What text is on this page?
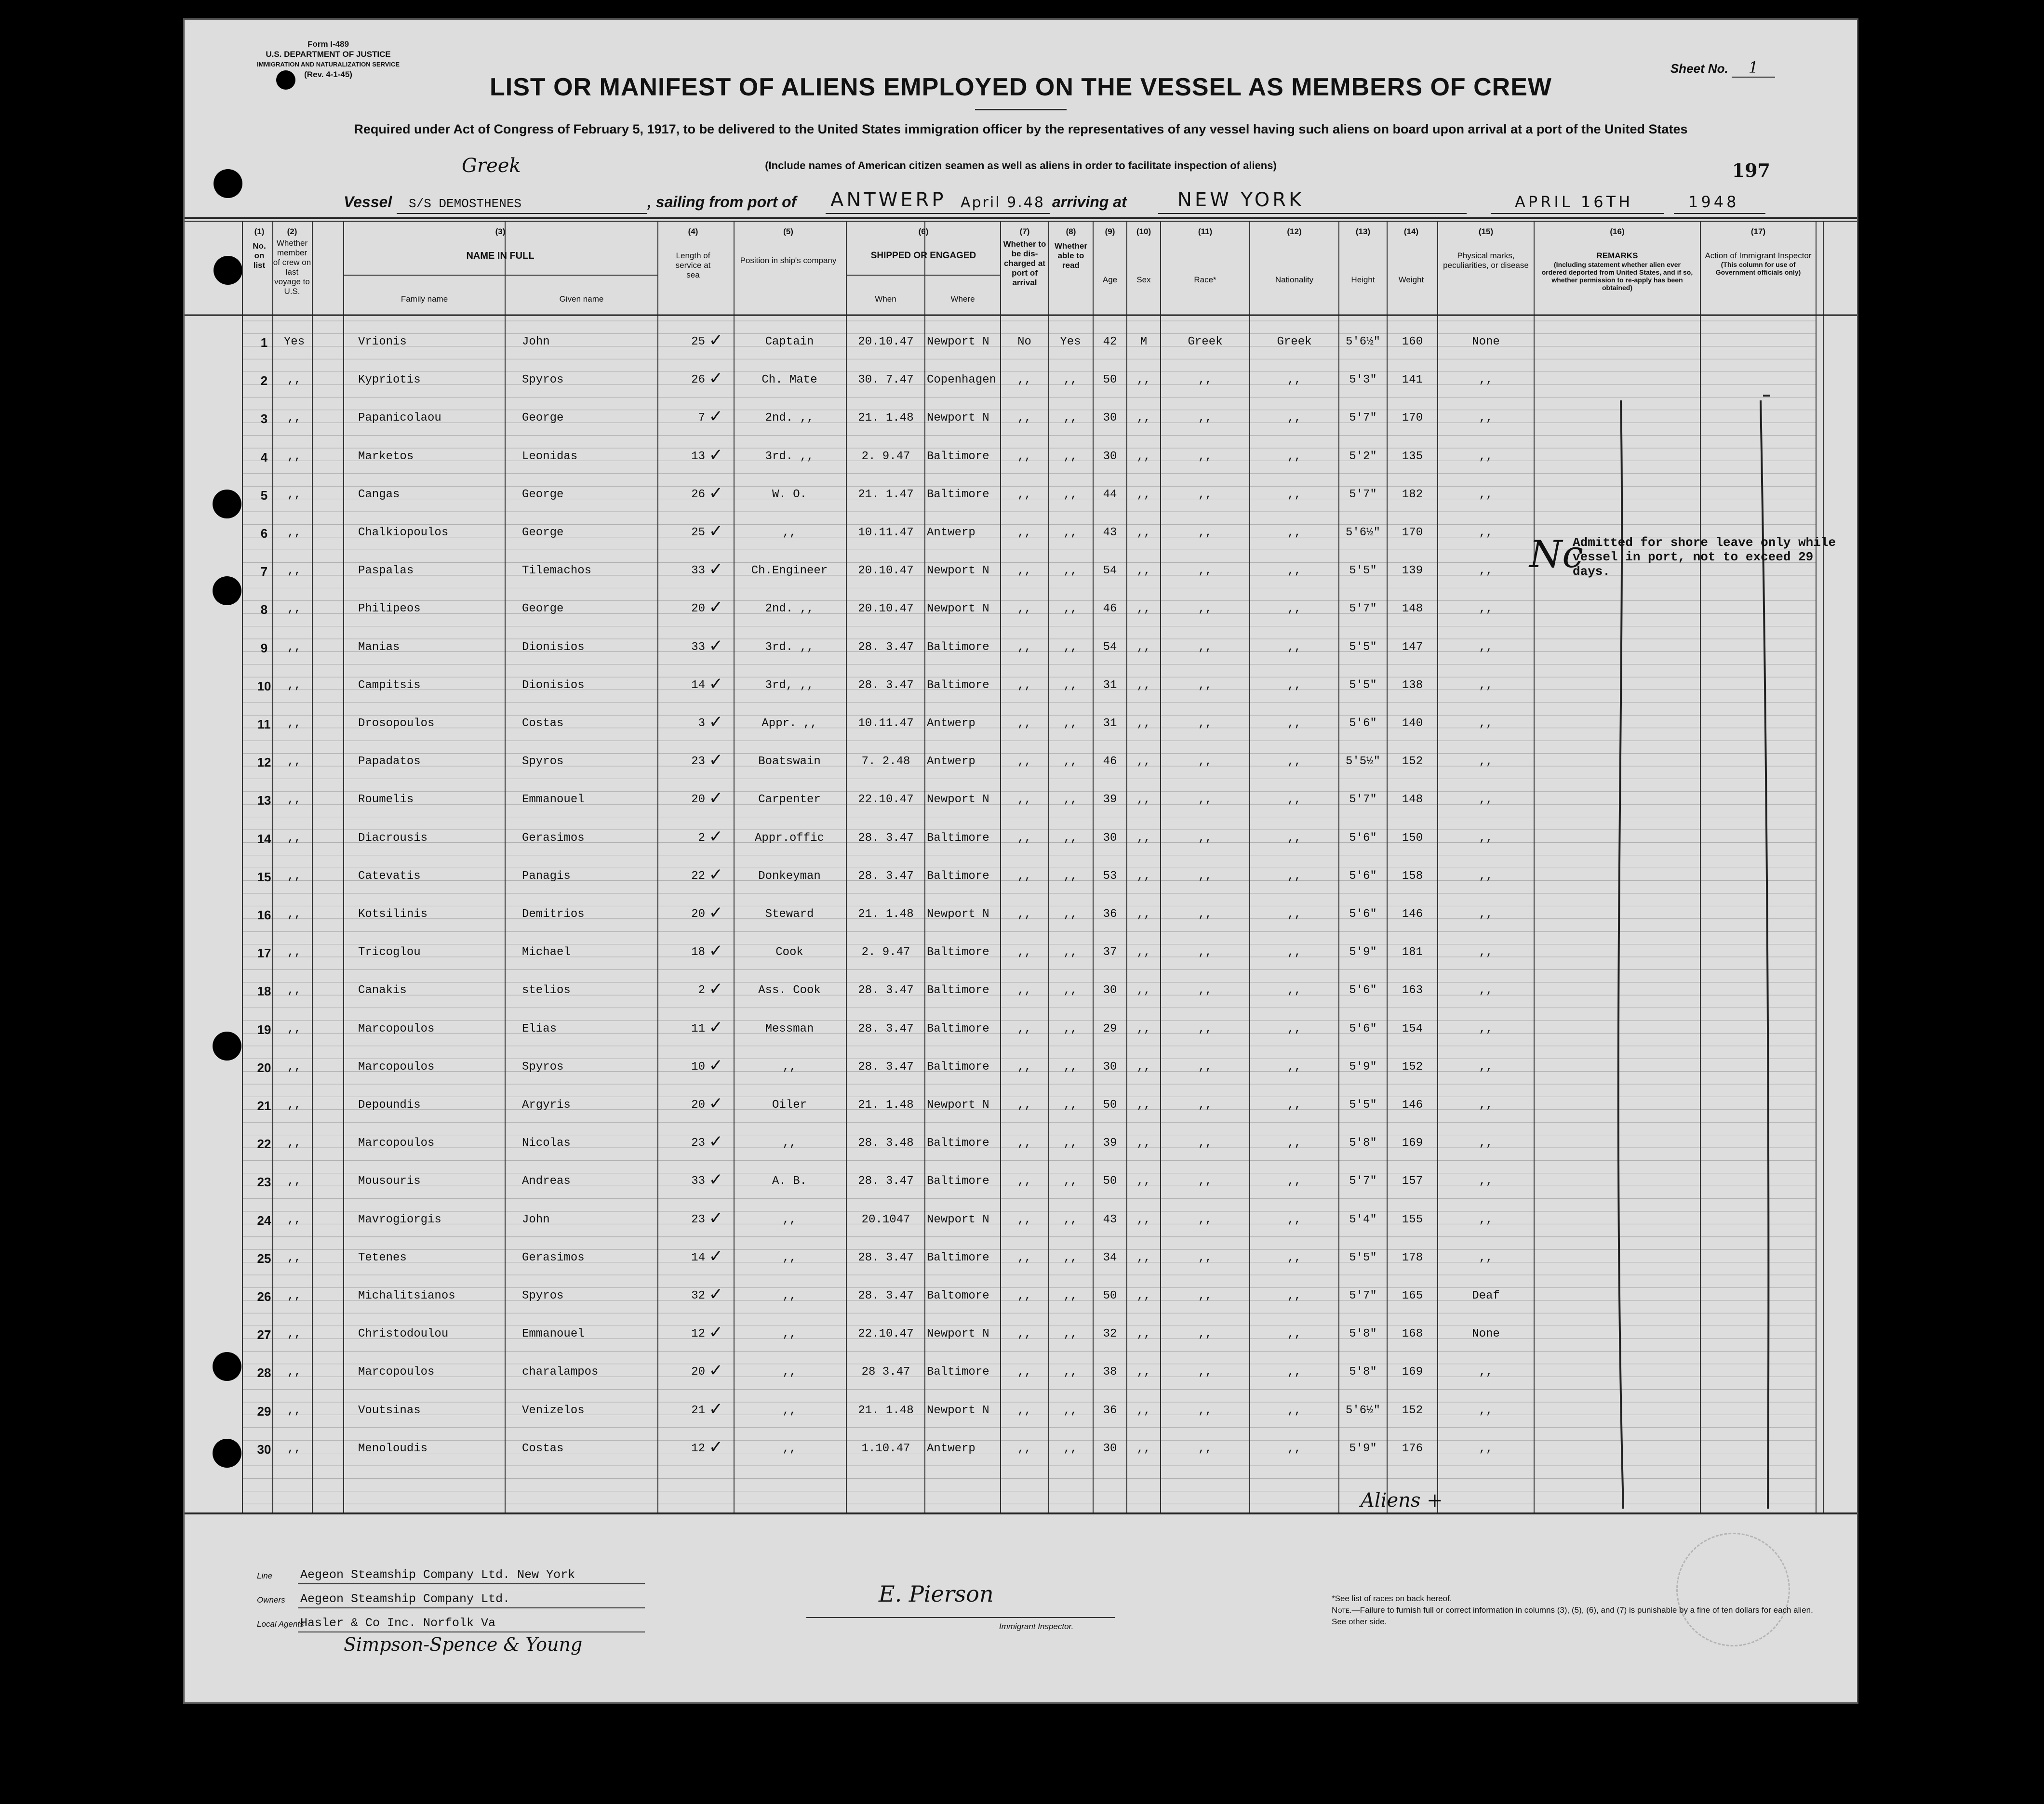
Form I-489
U.S. DEPARTMENT OF JUSTICE
IMMIGRATION AND NATURALIZATION SERVICE
(Rev. 4-1-45)	Sheet No. 1
LIST OR MANIFEST OF ALIENS EMPLOYED ON THE VESSEL AS MEMBERS OF CREW
Required under Act of Congress of February 5, 1917, to be delivered to the United States immigration officer by the representatives of any vessel having such aliens on board upon arrival at a port of the United States
(Include names of American citizen seamen as well as aliens in order to facilitate inspection of aliens)
Greek	197
Vessel S/S DEMOSTHENES	, sailing from port of ANTWERP April 9.48 arriving at	NEW YORK	APRIL 16TH	1948
(1)
No. on list
(2)
Whether member of crew on last voyage to U.S.
(3)
NAME IN FULL
Family name	Given name
(4)
Length of service at sea
(5)
Position in ship's company
(6)
SHIPPED OR ENGAGED
When	Where
(7)
Whether to be dis-charged at port of arrival
(8)
Whether able to read
(9)
Age
(10)
Sex
(11)
Race*
(12)
Nationality
(13)
Height
(14)
Weight
(15)
Physical marks, peculiarities, or disease
(16)
REMARKS
(Including statement whether alien ever ordered deported from United States, and if so, whether permission to re-apply has been obtained)
(17)
Action of Immigrant Inspector
(This column for use of Government officials only)
1	Yes	Vrionis	John	25 ✓	Captain	20.10.47	Newport N	No	Yes	42	M	Greek	Greek	5'6½"	160	None
2	,,	Kypriotis	Spyros	26 ✓	Ch. Mate	30. 7.47	Copenhagen	,,	,,	50	,,	,,	,,	5'3"	141	,,
3	,,	Papanicolaou	George	7 ✓	2nd. ,,	21. 1.48	Newport N	,,	,,	30	,,	,,	,,	5'7"	170	,,
4	,,	Marketos	Leonidas	13 ✓	3rd. ,,	2. 9.47	Baltimore	,,	,,	30	,,	,,	,,	5'2"	135	,,
5	,,	Cangas	George	26 ✓	W. O.	21. 1.47	Baltimore	,,	,,	44	,,	,,	,,	5'7"	182	,,
6	,,	Chalkiopoulos	George	25 ✓	,,	10.11.47	Antwerp	,,	,,	43	,,	,,	,,	5'6½"	170	,,
7	,,	Paspalas	Tilemachos	33 ✓	Ch.Engineer	20.10.47	Newport N	,,	,,	54	,,	,,	,,	5'5"	139	,,
8	,,	Philipeos	George	20 ✓	2nd. ,,	20.10.47	Newport N	,,	,,	46	,,	,,	,,	5'7"	148	,,
9	,,	Manias	Dionisios	33 ✓	3rd. ,,	28. 3.47	Baltimore	,,	,,	54	,,	,,	,,	5'5"	147	,,
10	,,	Campitsis	Dionisios	14 ✓	3rd, ,,	28. 3.47	Baltimore	,,	,,	31	,,	,,	,,	5'5"	138	,,
11	,,	Drosopoulos	Costas	3 ✓	Appr. ,,	10.11.47	Antwerp	,,	,,	31	,,	,,	,,	5'6"	140	,,
12	,,	Papadatos	Spyros	23 ✓	Boatswain	7. 2.48	Antwerp	,,	,,	46	,,	,,	,,	5'5½"	152	,,
13	,,	Roumelis	Emmanouel	20 ✓	Carpenter	22.10.47	Newport N	,,	,,	39	,,	,,	,,	5'7"	148	,,
14	,,	Diacrousis	Gerasimos	2 ✓	Appr.offic	28. 3.47	Baltimore	,,	,,	30	,,	,,	,,	5'6"	150	,,
15	,,	Catevatis	Panagis	22 ✓	Donkeyman	28. 3.47	Baltimore	,,	,,	53	,,	,,	,,	5'6"	158	,,
16	,,	Kotsilinis	Demitrios	20 ✓	Steward	21. 1.48	Newport N	,,	,,	36	,,	,,	,,	5'6"	146	,,
17	,,	Tricoglou	Michael	18 ✓	Cook	2. 9.47	Baltimore	,,	,,	37	,,	,,	,,	5'9"	181	,,
18	,,	Canakis	stelios	2 ✓	Ass. Cook	28. 3.47	Baltimore	,,	,,	30	,,	,,	,,	5'6"	163	,,
19	,,	Marcopoulos	Elias	11 ✓	Messman	28. 3.47	Baltimore	,,	,,	29	,,	,,	,,	5'6"	154	,,
20	,,	Marcopoulos	Spyros	10 ✓	,,	28. 3.47	Baltimore	,,	,,	30	,,	,,	,,	5'9"	152	,,
21	,,	Depoundis	Argyris	20 ✓	Oiler	21. 1.48	Newport N	,,	,,	50	,,	,,	,,	5'5"	146	,,
22	,,	Marcopoulos	Nicolas	23 ✓	,,	28. 3.48	Baltimore	,,	,,	39	,,	,,	,,	5'8"	169	,,
23	,,	Mousouris	Andreas	33 ✓	A. B.	28. 3.47	Baltimore	,,	,,	50	,,	,,	,,	5'7"	157	,,
24	,,	Mavrogiorgis	John	23 ✓	,,	20.1047	Newport N	,,	,,	43	,,	,,	,,	5'4"	155	,,
25	,,	Tetenes	Gerasimos	14 ✓	,,	28. 3.47	Baltimore	,,	,,	34	,,	,,	,,	5'5"	178	,,
26	,,	Michalitsianos	Spyros	32 ✓	,,	28. 3.47	Baltomore	,,	,,	50	,,	,,	,,	5'7"	165	Deaf
27	,,	Christodoulou	Emmanouel	12 ✓	,,	22.10.47	Newport N	,,	,,	32	,,	,,	,,	5'8"	168	None
28	,,	Marcopoulos	charalampos	20 ✓	,,	28 3.47	Baltimore	,,	,,	38	,,	,,	,,	5'8"	169	,,
29	,,	Voutsinas	Venizelos	21 ✓	,,	21. 1.48	Newport N	,,	,,	36	,,	,,	,,	5'6½"	152	,,
30	,,	Menoloudis	Costas	12 ✓	,,	1.10.47	Antwerp	,,	,,	30	,,	,,	,,	5'9"	176	,,
Nc
Admitted for shore leave only while vessel in port, not to exceed 29 days.
Aliens +
Line Aegeon Steamship Company Ltd. New York
Owners Aegeon Steamship Company Ltd.
Local Agents
Hasler & Co Inc. Norfolk Va
Simpson-Spence & Young
E. Pierson
Immigrant Inspector.
*See list of races on back hereof.
Note.—Failure to furnish full or correct information in columns (3), (5), (6), and (7) is punishable by a fine of ten dollars for each alien. See other side.
